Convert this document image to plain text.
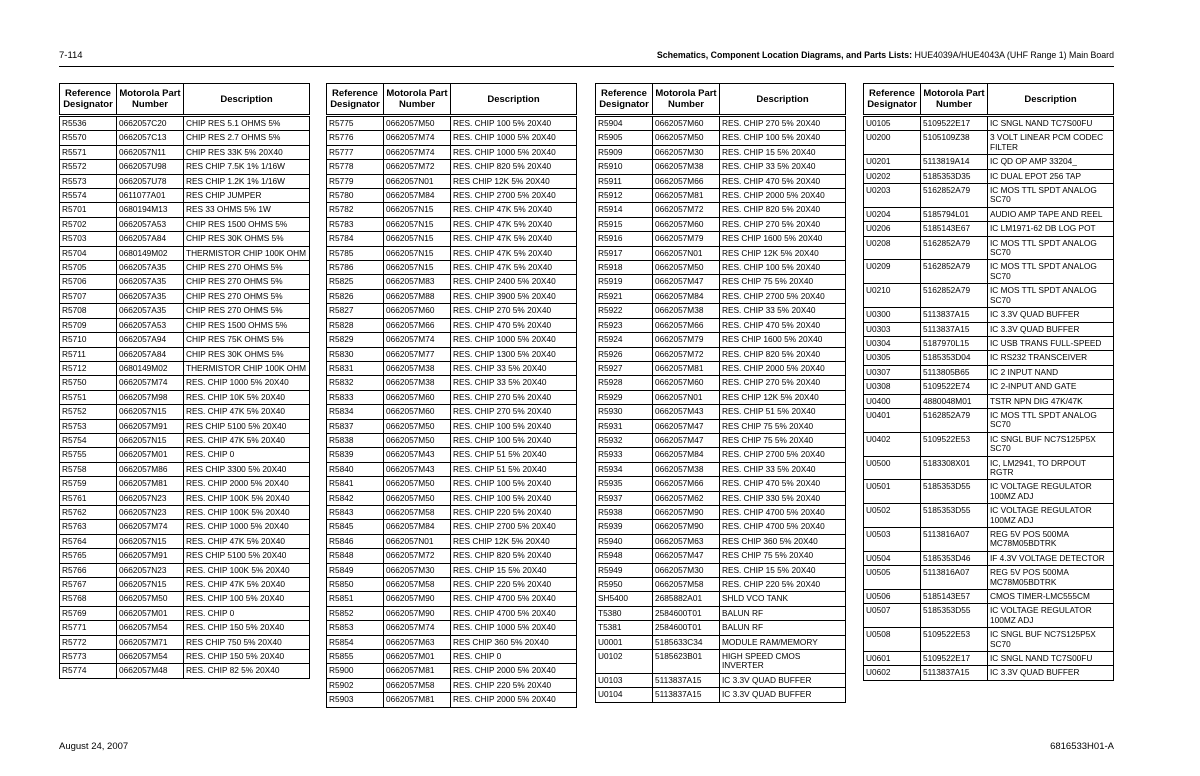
7-114	Schematics, Component Location Diagrams, and Parts Lists: HUE4039A/HUE4043A (UHF Range 1) Main Board
Reference Designator	Motorola Part Number	Description
R5536	0662057C20	CHIP RES 5.1 OHMS 5%
R5570	0662057C13	CHIP RES 2.7 OHMS 5%
R5571	0662057N11	CHIP RES 33K 5% 20X40
R5572	0662057U98	RES CHIP 7.5K 1% 1/16W
R5573	0662057U78	RES CHIP 1.2K 1% 1/16W
R5574	0611077A01	RES CHIP JUMPER
R5701	0680194M13	RES 33 OHMS 5% 1W
R5702	0662057A53	CHIP RES 1500 OHMS 5%
R5703	0662057A84	CHIP RES 30K OHMS 5%
R5704	0680149M02	THERMISTOR CHIP 100K OHM
R5705	0662057A35	CHIP RES 270 OHMS 5%
R5706	0662057A35	CHIP RES 270 OHMS 5%
R5707	0662057A35	CHIP RES 270 OHMS 5%
R5708	0662057A35	CHIP RES 270 OHMS 5%
R5709	0662057A53	CHIP RES 1500 OHMS 5%
R5710	0662057A94	CHIP RES 75K OHMS 5%
R5711	0662057A84	CHIP RES 30K OHMS 5%
R5712	0680149M02	THERMISTOR CHIP 100K OHM
R5750	0662057M74	RES. CHIP 1000 5% 20X40
R5751	0662057M98	RES. CHIP 10K 5% 20X40
R5752	0662057N15	RES. CHIP 47K 5% 20X40
R5753	0662057M91	RES CHIP 5100 5% 20X40
R5754	0662057N15	RES. CHIP 47K 5% 20X40
R5755	0662057M01	RES. CHIP 0
R5758	0662057M86	RES CHIP 3300 5% 20X40
R5759	0662057M81	RES. CHIP 2000 5% 20X40
R5761	0662057N23	RES. CHIP 100K 5% 20X40
R5762	0662057N23	RES. CHIP 100K 5% 20X40
R5763	0662057M74	RES. CHIP 1000 5% 20X40
R5764	0662057N15	RES. CHIP 47K 5% 20X40
R5765	0662057M91	RES CHIP 5100 5% 20X40
R5766	0662057N23	RES. CHIP 100K 5% 20X40
R5767	0662057N15	RES. CHIP 47K 5% 20X40
R5768	0662057M50	RES. CHIP 100 5% 20X40
R5769	0662057M01	RES. CHIP 0
R5771	0662057M54	RES. CHIP 150 5% 20X40
R5772	0662057M71	RES CHIP 750 5% 20X40
R5773	0662057M54	RES. CHIP 150 5% 20X40
R5774	0662057M48	RES. CHIP 82 5% 20X40
Reference Designator	Motorola Part Number	Description
R5775	0662057M50	RES. CHIP 100 5% 20X40
R5776	0662057M74	RES. CHIP 1000 5% 20X40
R5777	0662057M74	RES. CHIP 1000 5% 20X40
R5778	0662057M72	RES. CHIP 820 5% 20X40
R5779	0662057N01	RES CHIP 12K 5% 20X40
R5780	0662057M84	RES. CHIP 2700 5% 20X40
R5782	0662057N15	RES. CHIP 47K 5% 20X40
R5783	0662057N15	RES. CHIP 47K 5% 20X40
R5784	0662057N15	RES. CHIP 47K 5% 20X40
R5785	0662057N15	RES. CHIP 47K 5% 20X40
R5786	0662057N15	RES. CHIP 47K 5% 20X40
R5825	0662057M83	RES. CHIP 2400 5% 20X40
R5826	0662057M88	RES. CHIP 3900 5% 20X40
R5827	0662057M60	RES. CHIP 270 5% 20X40
R5828	0662057M66	RES. CHIP 470 5% 20X40
R5829	0662057M74	RES. CHIP 1000 5% 20X40
R5830	0662057M77	RES. CHIP 1300 5% 20X40
R5831	0662057M38	RES. CHIP 33 5% 20X40
R5832	0662057M38	RES. CHIP 33 5% 20X40
R5833	0662057M60	RES. CHIP 270 5% 20X40
R5834	0662057M60	RES. CHIP 270 5% 20X40
R5837	0662057M50	RES. CHIP 100 5% 20X40
R5838	0662057M50	RES. CHIP 100 5% 20X40
R5839	0662057M43	RES. CHIP 51 5% 20X40
R5840	0662057M43	RES. CHIP 51 5% 20X40
R5841	0662057M50	RES. CHIP 100 5% 20X40
R5842	0662057M50	RES. CHIP 100 5% 20X40
R5843	0662057M58	RES. CHIP 220 5% 20X40
R5845	0662057M84	RES. CHIP 2700 5% 20X40
R5846	0662057N01	RES CHIP 12K 5% 20X40
R5848	0662057M72	RES. CHIP 820 5% 20X40
R5849	0662057M30	RES. CHIP 15 5% 20X40
R5850	0662057M58	RES. CHIP 220 5% 20X40
R5851	0662057M90	RES. CHIP 4700 5% 20X40
R5852	0662057M90	RES. CHIP 4700 5% 20X40
R5853	0662057M74	RES. CHIP 1000 5% 20X40
R5854	0662057M63	RES CHIP 360 5% 20X40
R5855	0662057M01	RES. CHIP 0
R5900	0662057M81	RES. CHIP 2000 5% 20X40
R5902	0662057M58	RES. CHIP 220 5% 20X40
R5903	0662057M81	RES. CHIP 2000 5% 20X40
Reference Designator	Motorola Part Number	Description
R5904	0662057M60	RES. CHIP 270 5% 20X40
R5905	0662057M50	RES. CHIP 100 5% 20X40
R5909	0662057M30	RES. CHIP 15 5% 20X40
R5910	0662057M38	RES. CHIP 33 5% 20X40
R5911	0662057M66	RES. CHIP 470 5% 20X40
R5912	0662057M81	RES. CHIP 2000 5% 20X40
R5914	0662057M72	RES. CHIP 820 5% 20X40
R5915	0662057M60	RES. CHIP 270 5% 20X40
R5916	0662057M79	RES CHIP 1600 5% 20X40
R5917	0662057N01	RES CHIP 12K 5% 20X40
R5918	0662057M50	RES. CHIP 100 5% 20X40
R5919	0662057M47	RES CHIP 75 5% 20X40
R5921	0662057M84	RES. CHIP 2700 5% 20X40
R5922	0662057M38	RES. CHIP 33 5% 20X40
R5923	0662057M66	RES. CHIP 470 5% 20X40
R5924	0662057M79	RES CHIP 1600 5% 20X40
R5926	0662057M72	RES. CHIP 820 5% 20X40
R5927	0662057M81	RES. CHIP 2000 5% 20X40
R5928	0662057M60	RES. CHIP 270 5% 20X40
R5929	0662057N01	RES CHIP 12K 5% 20X40
R5930	0662057M43	RES. CHIP 51 5% 20X40
R5931	0662057M47	RES CHIP 75 5% 20X40
R5932	0662057M47	RES CHIP 75 5% 20X40
R5933	0662057M84	RES. CHIP 2700 5% 20X40
R5934	0662057M38	RES. CHIP 33 5% 20X40
R5935	0662057M66	RES. CHIP 470 5% 20X40
R5937	0662057M62	RES. CHIP 330 5% 20X40
R5938	0662057M90	RES. CHIP 4700 5% 20X40
R5939	0662057M90	RES. CHIP 4700 5% 20X40
R5940	0662057M63	RES CHIP 360 5% 20X40
R5948	0662057M47	RES CHIP 75 5% 20X40
R5949	0662057M30	RES. CHIP 15 5% 20X40
R5950	0662057M58	RES. CHIP 220 5% 20X40
SH5400	2685882A01	SHLD VCO TANK
T5380	2584600T01	BALUN RF
T5381	2584600T01	BALUN RF
U0001	5185633C34	MODULE RAM/MEMORY
U0102	5185623B01	HIGH SPEED CMOS INVERTER
U0103	5113837A15	IC 3.3V QUAD BUFFER
U0104	5113837A15	IC 3.3V QUAD BUFFER
Reference Designator	Motorola Part Number	Description
U0105	5109522E17	IC SNGL NAND TC7S00FU
U0200	5105109Z38	3 VOLT LINEAR PCM CODEC FILTER
U0201	5113819A14	IC QD OP AMP 33204_
U0202	5185353D35	IC DUAL EPOT 256 TAP
U0203	5162852A79	IC MOS TTL SPDT ANALOG SC70
U0204	5185794L01	AUDIO AMP TAPE AND REEL
U0206	5185143E67	IC LM1971-62 DB LOG POT
U0208	5162852A79	IC MOS TTL SPDT ANALOG SC70
U0209	5162852A79	IC MOS TTL SPDT ANALOG SC70
U0210	5162852A79	IC MOS TTL SPDT ANALOG SC70
U0300	5113837A15	IC 3.3V QUAD BUFFER
U0303	5113837A15	IC 3.3V QUAD BUFFER
U0304	5187970L15	IC USB TRANS FULL-SPEED
U0305	5185353D04	IC RS232 TRANSCEIVER
U0307	5113805B65	IC 2 INPUT NAND
U0308	5109522E74	IC 2-INPUT AND GATE
U0400	4880048M01	TSTR NPN DIG 47K/47K
U0401	5162852A79	IC MOS TTL SPDT ANALOG SC70
U0402	5109522E53	IC SNGL BUF NC7S125P5X SC70
U0500	5183308X01	IC, LM2941, TO DRPOUT RGTR
U0501	5185353D55	IC VOLTAGE REGULATOR 100MZ ADJ
U0502	5185353D55	IC VOLTAGE REGULATOR 100MZ ADJ
U0503	5113816A07	REG 5V POS 500MA MC78M05BDTRK
U0504	5185353D46	IF 4.3V VOLTAGE DETECTOR
U0505	5113816A07	REG 5V POS 500MA MC78M05BDTRK
U0506	5185143E57	CMOS TIMER-LMC555CM
U0507	5185353D55	IC VOLTAGE REGULATOR 100MZ ADJ
U0508	5109522E53	IC SNGL BUF NC7S125P5X SC70
U0601	5109522E17	IC SNGL NAND TC7S00FU
U0602	5113837A15	IC 3.3V QUAD BUFFER
August 24, 2007	6816533H01-A
